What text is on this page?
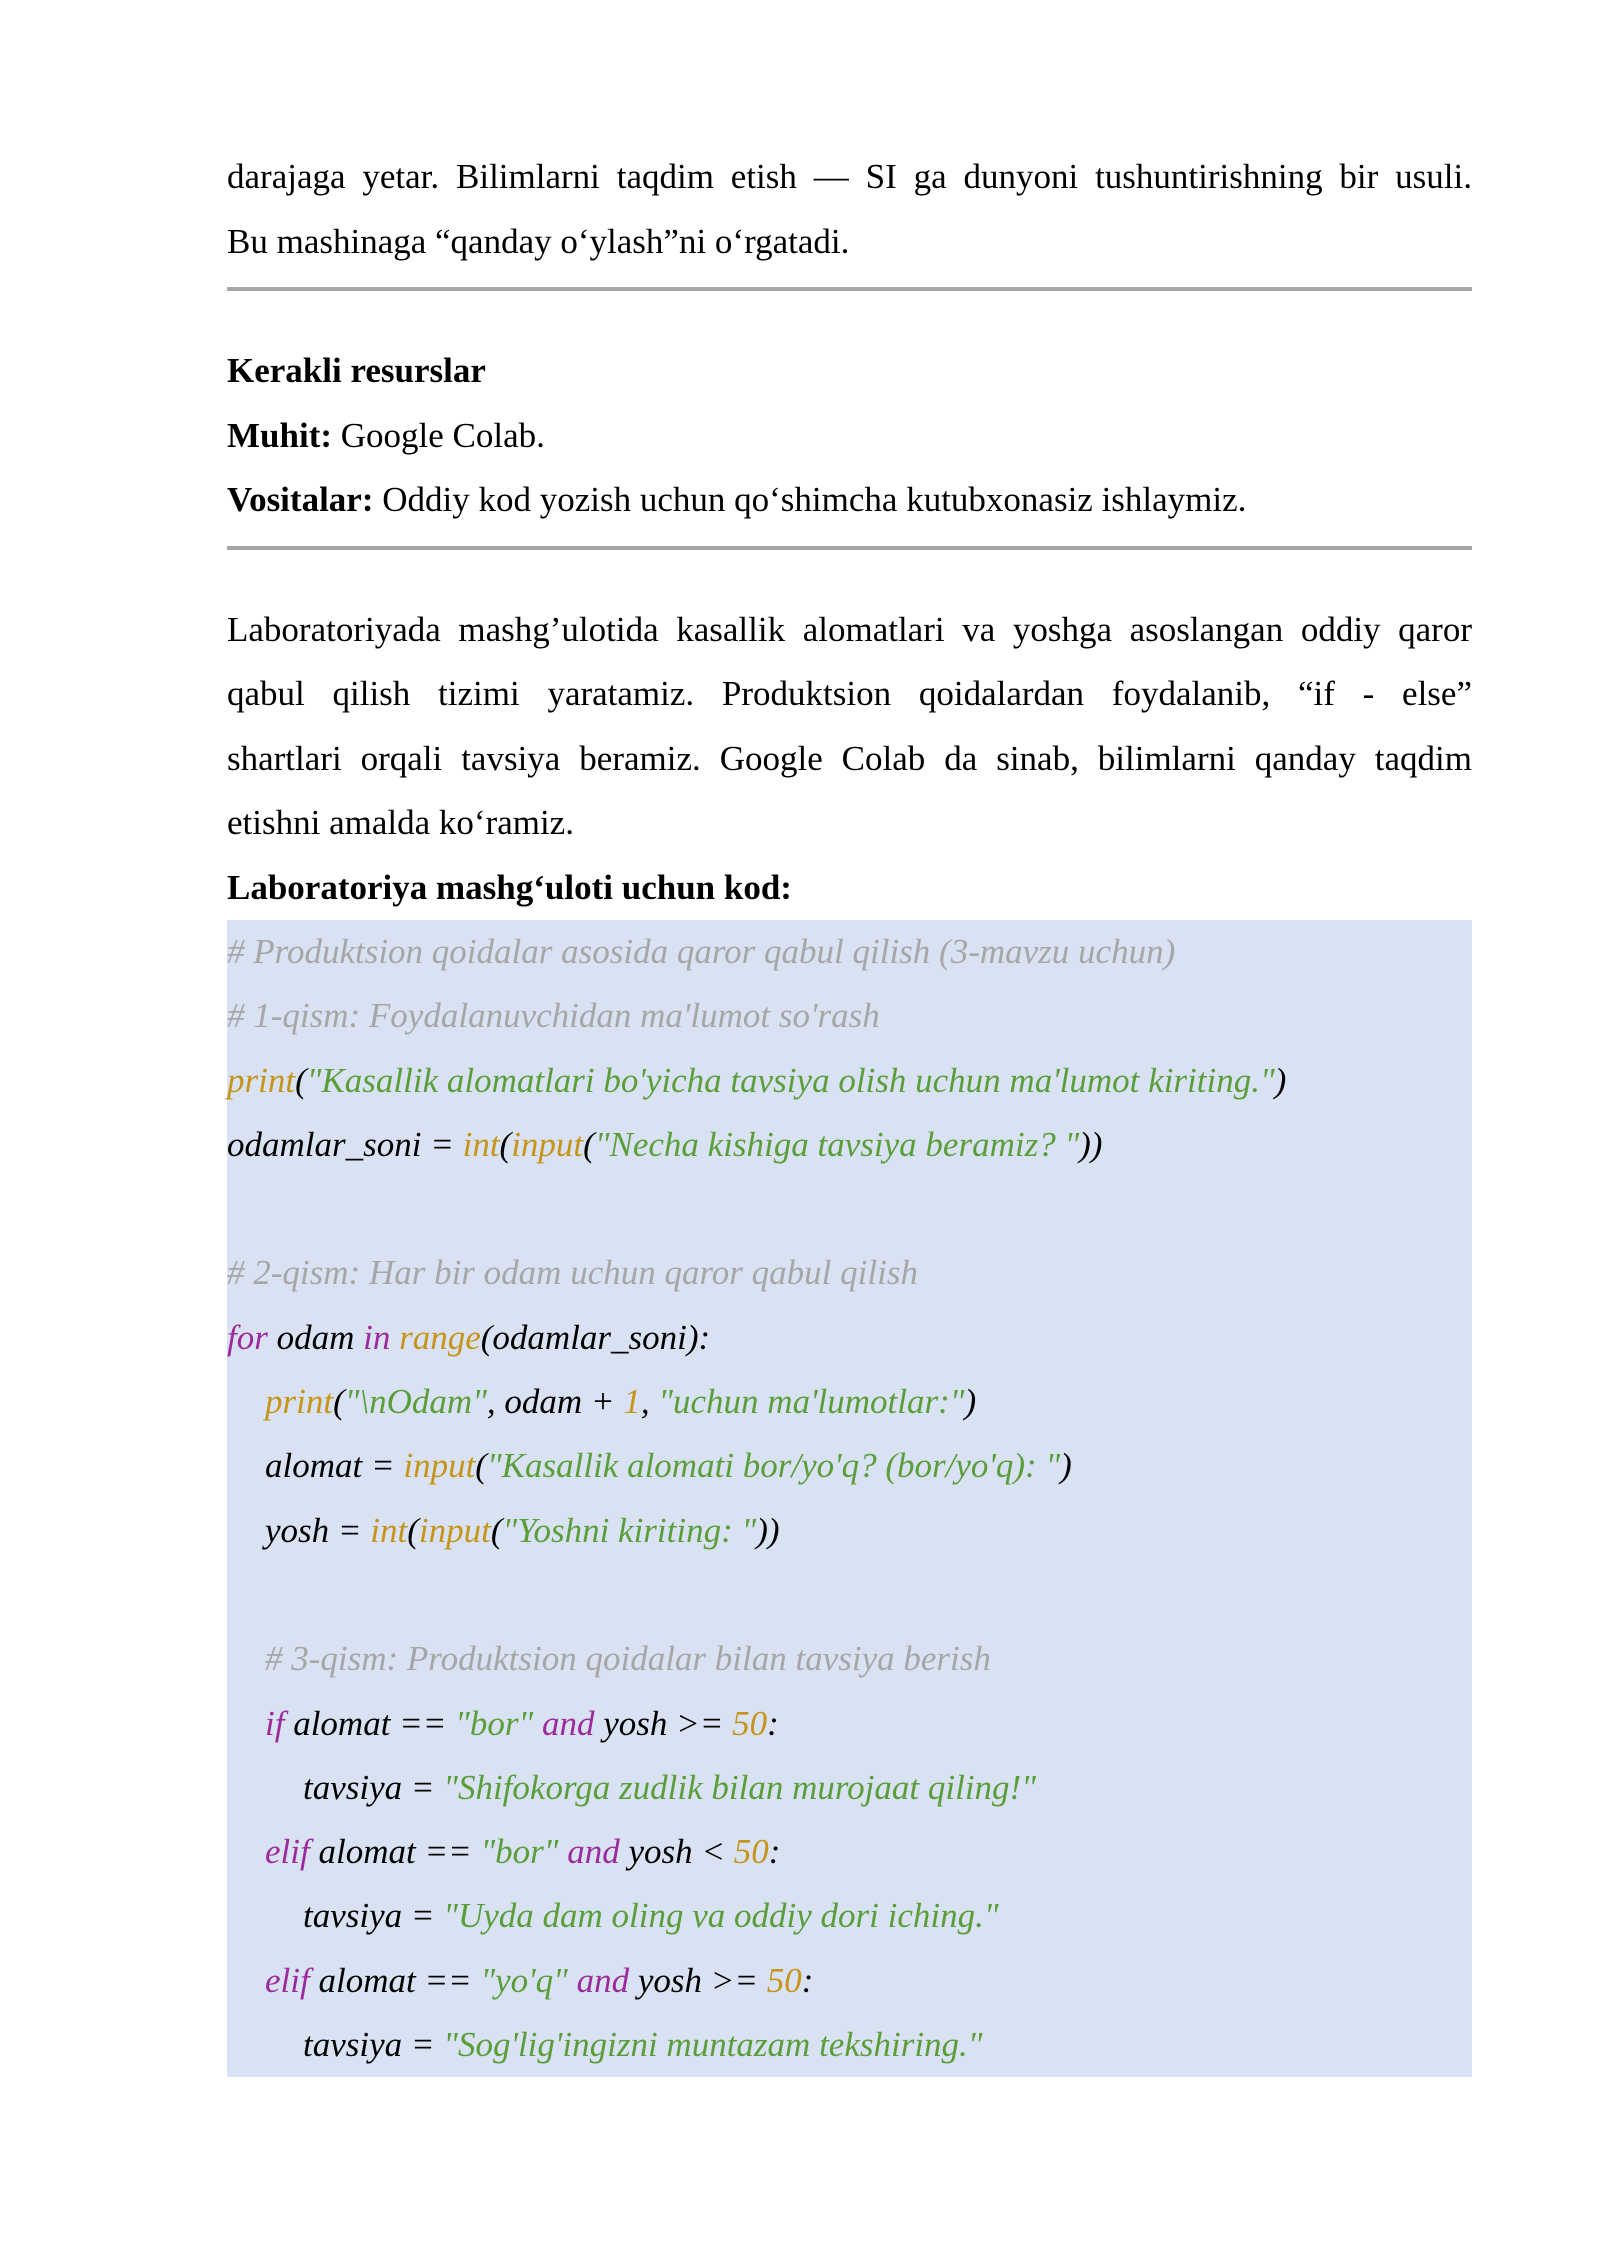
darajaga yetar. Bilimlarni taqdim etish — SI ga dunyoni tushuntirishning bir usuli.

Bu mashinaga “qanday o‘ylash”ni o‘rgatadi.

Kerakli resurslar

Muhit: Google Colab.

Vositalar: Oddiy kod yozish uchun qo‘shimcha kutubxonasiz ishlaymiz.

Laboratoriyada mashg’ulotida kasallik alomatlari va yoshga asoslangan oddiy qaror

qabul qilish tizimi yaratamiz. Produktsion qoidalardan foydalanib, “if - else”

shartlari orqali tavsiya beramiz. Google Colab da sinab, bilimlarni qanday taqdim

etishni amalda ko‘ramiz.

Laboratoriya mashg‘uloti uchun kod:

# Produktsion qoidalar asosida qaror qabul qilish (3-mavzu uchun)
# 1-qism: Foydalanuvchidan ma'lumot so'rash
print("Kasallik alomatlari bo'yicha tavsiya olish uchun ma'lumot kiriting.")
odamlar_soni = int(input("Necha kishiga tavsiya beramiz? "))
# 2-qism: Har bir odam uchun qaror qabul qilish
for odam in range(odamlar_soni):
print("\nOdam", odam + 1, "uchun ma'lumotlar:")
alomat = input("Kasallik alomati bor/yo'q? (bor/yo'q): ")
yosh = int(input("Yoshni kiriting: "))
# 3-qism: Produktsion qoidalar bilan tavsiya berish
if alomat == "bor" and yosh >= 50:
tavsiya = "Shifokorga zudlik bilan murojaat qiling!"
elif alomat == "bor" and yosh < 50:
tavsiya = "Uyda dam oling va oddiy dori iching."
elif alomat == "yo'q" and yosh >= 50:
tavsiya = "Sog'lig'ingizni muntazam tekshiring."
